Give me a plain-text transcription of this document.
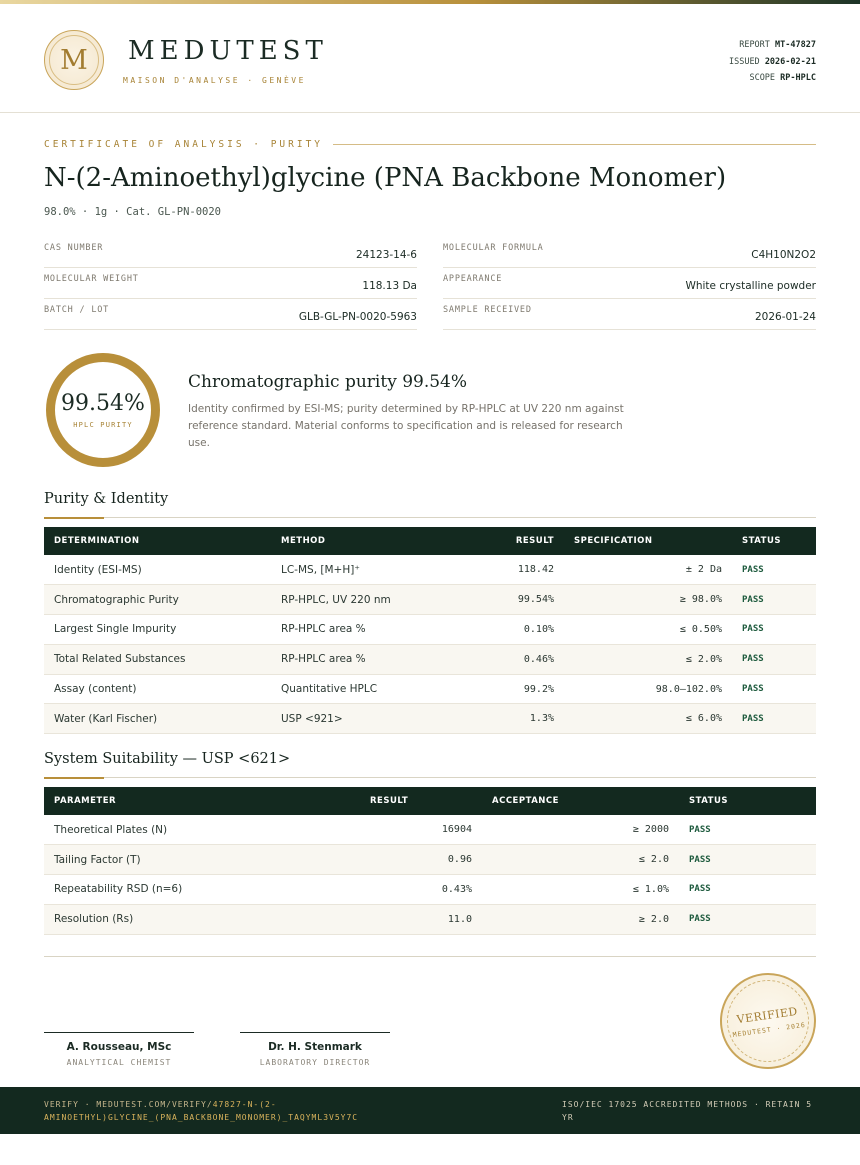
M MEDUTEST
MAISON D'ANALYSE · GENÈVE
REPORT MT-47827
ISSUED 2026-02-21
SCOPE RP-HPLC
CERTIFICATE OF ANALYSIS · PURITY
N-(2-Aminoethyl)glycine (PNA Backbone Monomer)
98.0% · 1g · Cat. GL-PN-0020
CAS NUMBER
24123-14-6
MOLECULAR FORMULA
C4H10N2O2
MOLECULAR WEIGHT
118.13 Da
APPEARANCE
White crystalline powder
BATCH / LOT
GLB-GL-PN-0020-5963
SAMPLE RECEIVED
2026-01-24
99.54%
HPLC PURITY
Chromatographic purity 99.54%
Identity confirmed by ESI-MS; purity determined by RP-HPLC at UV 220 nm against reference standard. Material conforms to specification and is released for research use.
Purity & Identity
DETERMINATION	METHOD	RESULT	SPECIFICATION	STATUS
Identity (ESI-MS)	LC-MS, [M+H]⁺	118.42	± 2 Da	PASS
Chromatographic Purity	RP-HPLC, UV 220 nm	99.54%	≥ 98.0%	PASS
Largest Single Impurity	RP-HPLC area %	0.10%	≤ 0.50%	PASS
Total Related Substances	RP-HPLC area %	0.46%	≤ 2.0%	PASS
Assay (content)	Quantitative HPLC	99.2%	98.0–102.0%	PASS
Water (Karl Fischer)	USP <921>	1.3%	≤ 6.0%	PASS
System Suitability — USP <621>
PARAMETER	RESULT	ACCEPTANCE	STATUS
Theoretical Plates (N)	16904	≥ 2000	PASS
Tailing Factor (T)	0.96	≤ 2.0	PASS
Repeatability RSD (n=6)	0.43%	≤ 1.0%	PASS
Resolution (Rs)	11.0	≥ 2.0	PASS
A. Rousseau, MSc
ANALYTICAL CHEMIST
Dr. H. Stenmark
LABORATORY DIRECTOR
VERIFIED
MEDUTEST · 2026
VERIFY · MEDUTEST.COM/VERIFY/47827-N-(2-AMINOETHYL)GLYCINE_(PNA_BACKBONE_MONOMER)_TAQYML3V5Y7C
ISO/IEC 17025 ACCREDITED METHODS · RETAIN 5 YR
